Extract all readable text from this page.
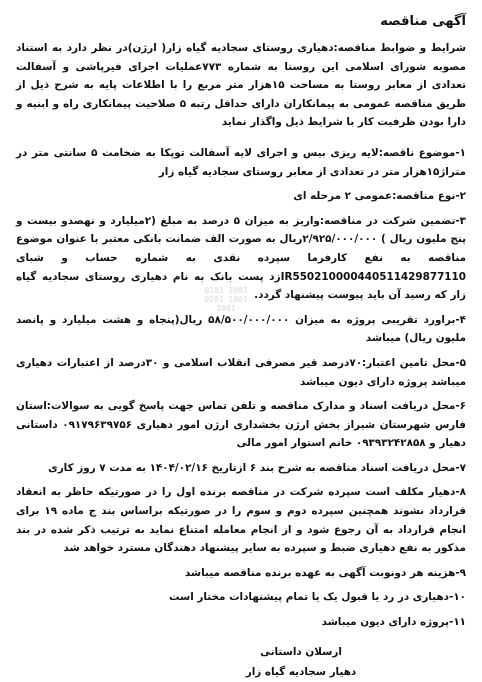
آگهی مناقصه

شرایط و ضوابط مناقصه:دهیاری روستای سجادیه گیاه زار( ارژن)در نظر دارد به استناد مصوبه شورای اسلامی این روستا به شماره ۷۷۳عملیات اجرای فیرپاشی و آسفالت تعدادی از معابر روستا به مساحت ۱۵هزار متر مربع را با اطلاعات پایه به شرح ذیل از طریق مناقصه عمومی به پیمانکاران دارای حداقل رتبه ۵ صلاحیت پیمانکاری راه و ابنیه و دارا بودن ظرفیت کار با شرایط ذیل واگذار نماید

۱-موضوع ناقصه:لایه ریزی بیس و اجرای لایه آسفالت توپکا به ضخامت ۵ سانتی متر در متراژ۱۵هزار متر در تعدادی از معابر روستای سجادیه گیاه زار

۲-نوع مناقصه:عمومی ۲ مرحله ای

۳-تضمین شرکت در مناقصه:واریز به میزان ۵ درصد به مبلغ (۲میلیارد و نهصدو بیست و پنج ملیون ریال ) ۲/۹۲۵/۰۰۰/۰۰۰ریال به صورت الف ضمانت بانکی معتبر با عنوان موضوع مناقصه به نفع کارفرما سپرده نقدی به شماره حساب و شبای IR550210000440511429877110زد پست بانک به نام دهیاری روستای سجادیه گیاه زار که رسید آن باید پیوست پیشنهاد گردد.

۴-براورد تقریبی پروژه به میزان ۵۸/۵۰۰/۰۰۰/۰۰۰ ریال(پنجاه و هشت میلیارد و پانصد ملیون ریال) میباشد

۵-محل تامین اعتبار:۷۰درصد قیر مصرفی انقلاب اسلامی و ۳۰درصد از اعتبارات دهیاری میباشد پروژه دارای دیون میباشد

۶-محل دریافت اسناد و مدارک مناقصه و تلفن تماس جهت پاسخ گویی به سوالات:استان فارس شهرستان شیراز بخش ارژن بخشداری ارژن امور دهیاری ۰۹۱۷۹۶۳۹۷۵۶ داستانی دهیار و ۰۹۳۹۳۲۴۲۸۵۸ خانم استوار امور مالی

۷-محل دریافت اسناد مناقصه به شرح بند ۶ ازتاریخ ۱۴۰۴/۰۲/۱۶ به مدت ۷ روز کاری

۸-دهیار مکلف است سپرده شرکت در مناقصه برنده اول را در صورتیکه حاظر به انعقاد قرارداد نشوند همچنین سپرده دوم و سوم را در صورتیکه براساس بند ج ماده ۱۹ برای انجام قرارداد به آن رجوع شود و از انجام معامله امتناع نماید به ترتیب ذکر شده در بند مذکور به نفع دهیاری ضبط و سپرده به سایر پیشنهاد دهندگان مسترد خواهد شد

۹-هزینه هر دونوبت آگهی به عهده برنده مناقصه میباشد

۱۰-دهیاری در رد یا قبول یک یا تمام پیشنهادات مختار است

۱۱-پروژه دارای دیون میباشد

ارسلان داستانی
دهیار سجادیه گیاه زار
0101 1001
0101 1001
1001
